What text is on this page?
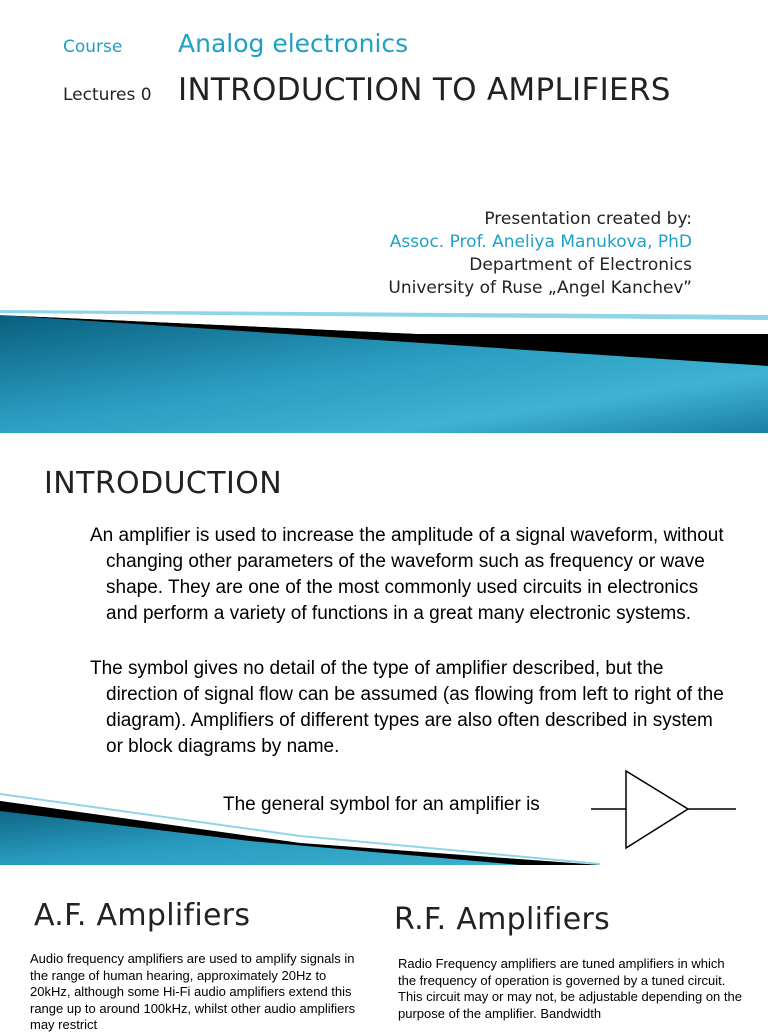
Course Analog electronics
Lectures 0 INTRODUCTION TO AMPLIFIERS
Presentation created by:
Assoc. Prof. Aneliya Manukova, PhD
Department of Electronics
University of Ruse „Angel Kanchev”
INTRODUCTION
An amplifier is used to increase the amplitude of a signal waveform, without changing other parameters of the waveform such as frequency or wave shape. They are one of the most commonly used circuits in electronics and perform a variety of functions in a great many electronic systems.
The symbol gives no detail of the type of amplifier described, but the direction of signal flow can be assumed (as flowing from left to right of the diagram). Amplifiers of different types are also often described in system or block diagrams by name.
The general symbol for an amplifier is
A.F. Amplifiers	R.F. Amplifiers
Audio frequency amplifiers are used to amplify signals in the range of human hearing, approximately 20Hz to 20kHz, although some Hi-Fi audio amplifiers extend this range up to around 100kHz, whilst other audio amplifiers may restrict
Radio Frequency amplifiers are tuned amplifiers in which the frequency of operation is governed by a tuned circuit. This circuit may or may not, be adjustable depending on the purpose of the amplifier. Bandwidth
